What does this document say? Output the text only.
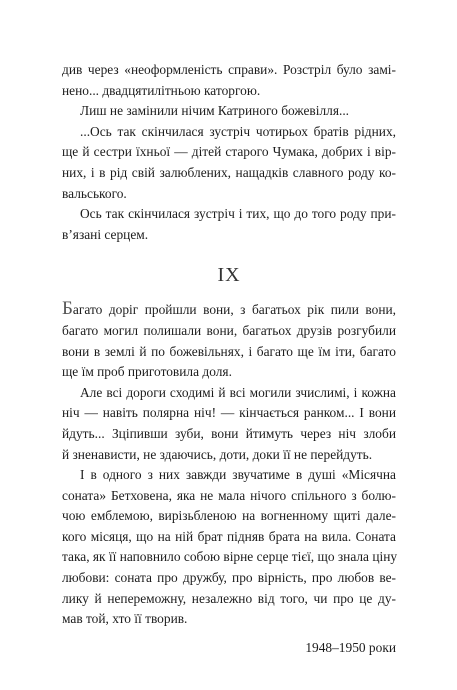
див через «неоформленість справи». Розстріл було замі-
нено... двадцятилітньою каторгою.

Лиш не замінили нічим Катриного божевілля...

...Ось так скінчилася зустріч чотирьох братів рідних,
ще й сестри їхньої — дітей старого Чумака, добрих і вір-
них, і в рід свій залюблених, нащадків славного роду ко-
вальського.

Ось так скінчилася зустріч і тих, що до того роду при-
в’язані серцем.

IX

Багато доріг пройшли вони, з багатьох рік пили вони,
багато могил полишали вони, багатьох друзів розгубили
вони в землі й по божевільнях, і багато ще їм іти, багато
ще їм проб приготовила доля.

Але всі дороги сходимі й всі могили зчислимі, і кожна
ніч — навіть полярна ніч! — кінчається ранком... І вони
йдуть... Зціпивши зуби, вони йтимуть через ніч злоби
й зненависти, не здаючись, доти, доки її не перейдуть.

І в одного з них завжди звучатиме в душі «Місячна
соната» Бетховена, яка не мала нічого спільного з болю-
чою емблемою, вирізьбленою на вогненному щиті дале-
кого місяця, що на ній брат підняв брата на вила. Соната
така, як її наповнило собою вірне серце тієї, що знала ціну
любови: соната про дружбу, про вірність, про любов ве-
лику й непереможну, незалежно від того, чи про це ду-
мав той, хто її творив.

1948–1950 роки
